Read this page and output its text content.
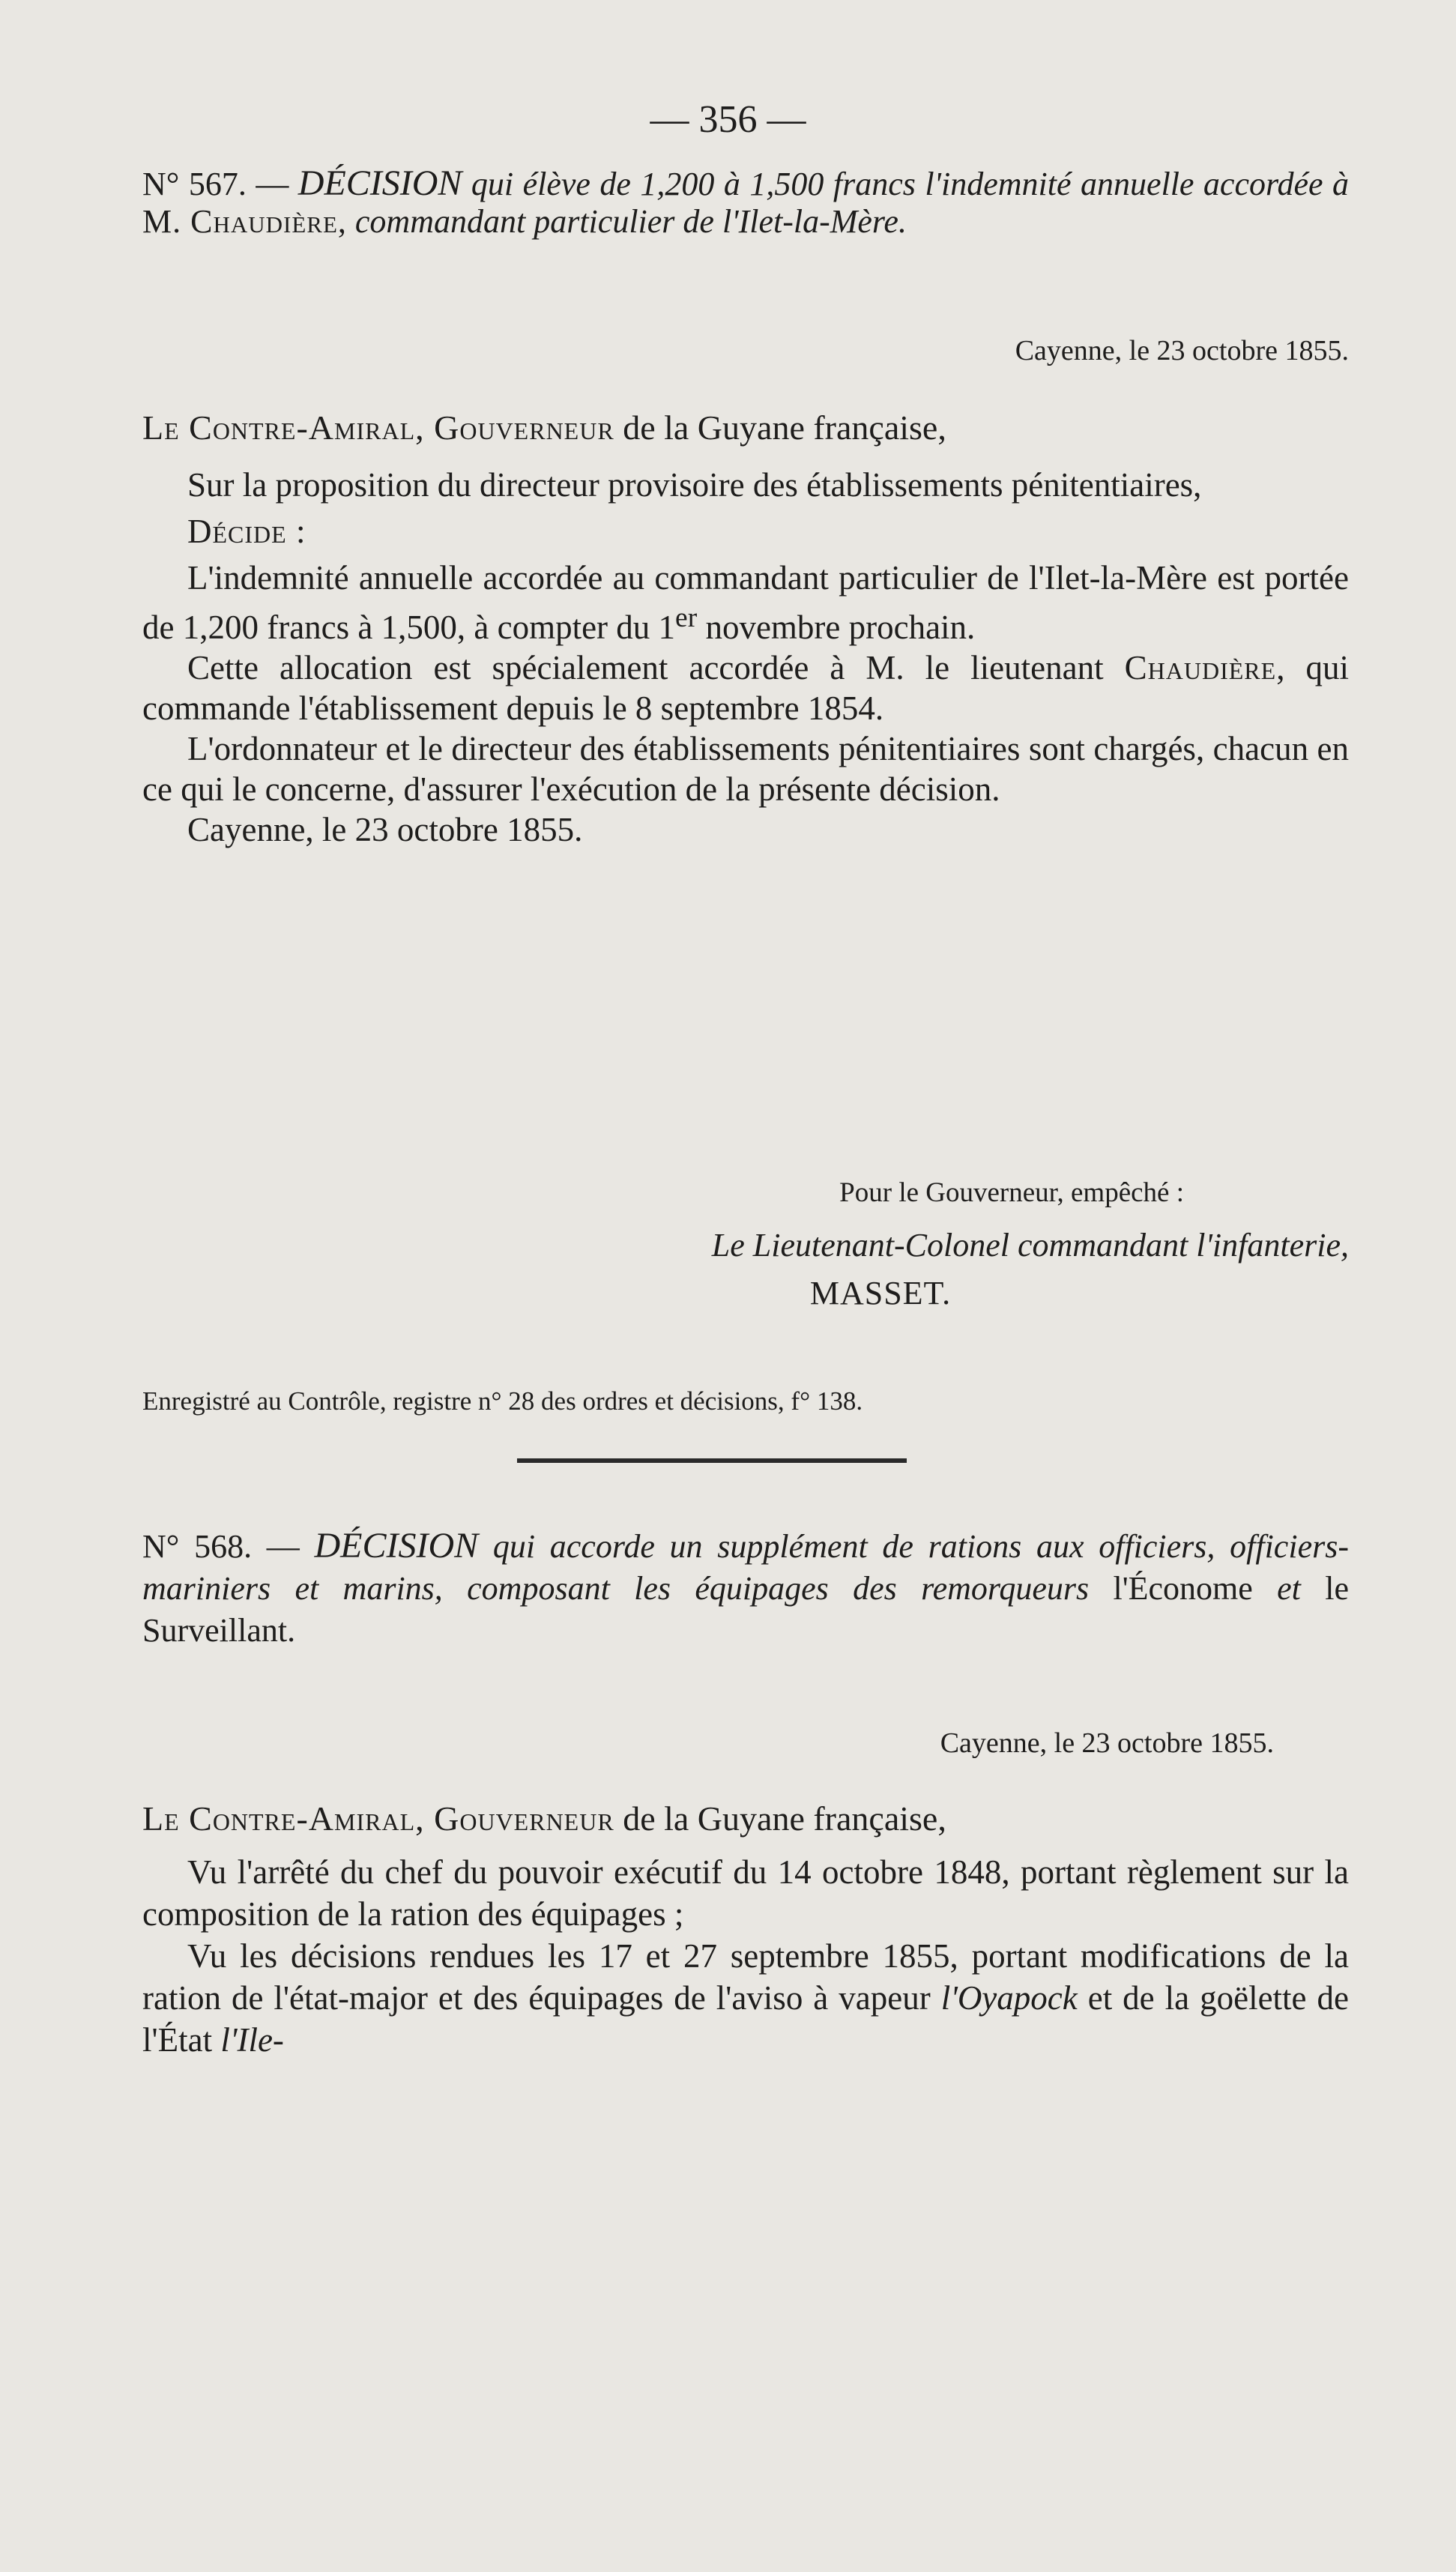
— 356 —
N° 567. — DÉCISION qui élève de 1,200 à 1,500 francs l'indemnité annuelle accordée à M. Chaudière, commandant particulier de l'Ilet-la-Mère.
Cayenne, le 23 octobre 1855.
Le Contre-Amiral, Gouverneur de la Guyane française,

Sur la proposition du directeur provisoire des établissements pénitentiaires,

Décide :

L'indemnité annuelle accordée au commandant particulier de l'Ilet-la-Mère est portée de 1,200 francs à 1,500, à compter du 1er novembre prochain.

Cette allocation est spécialement accordée à M. le lieutenant Chaudière, qui commande l'établissement depuis le 8 septembre 1854.

L'ordonnateur et le directeur des établissements pénitentiaires sont chargés, chacun en ce qui le concerne, d'assurer l'exécution de la présente décision.

Cayenne, le 23 octobre 1855.

Pour le Gouverneur, empêché :
Le Lieutenant-Colonel commandant l'infanterie,
MASSET.
Enregistré au Contrôle, registre n° 28 des ordres et décisions, f° 138.
N° 568. — DÉCISION qui accorde un supplément de rations aux officiers, officiers-mariniers et marins, composant les équipages des remorqueurs l'Économe et le Surveillant.
Cayenne, le 23 octobre 1855.
Le Contre-Amiral, Gouverneur de la Guyane française,

Vu l'arrêté du chef du pouvoir exécutif du 14 octobre 1848, portant règlement sur la composition de la ration des équipages ;

Vu les décisions rendues les 17 et 27 septembre 1855, portant modifications de la ration de l'état-major et des équipages de l'aviso à vapeur l'Oyapock et de la goëlette de l'État l'Ile-
